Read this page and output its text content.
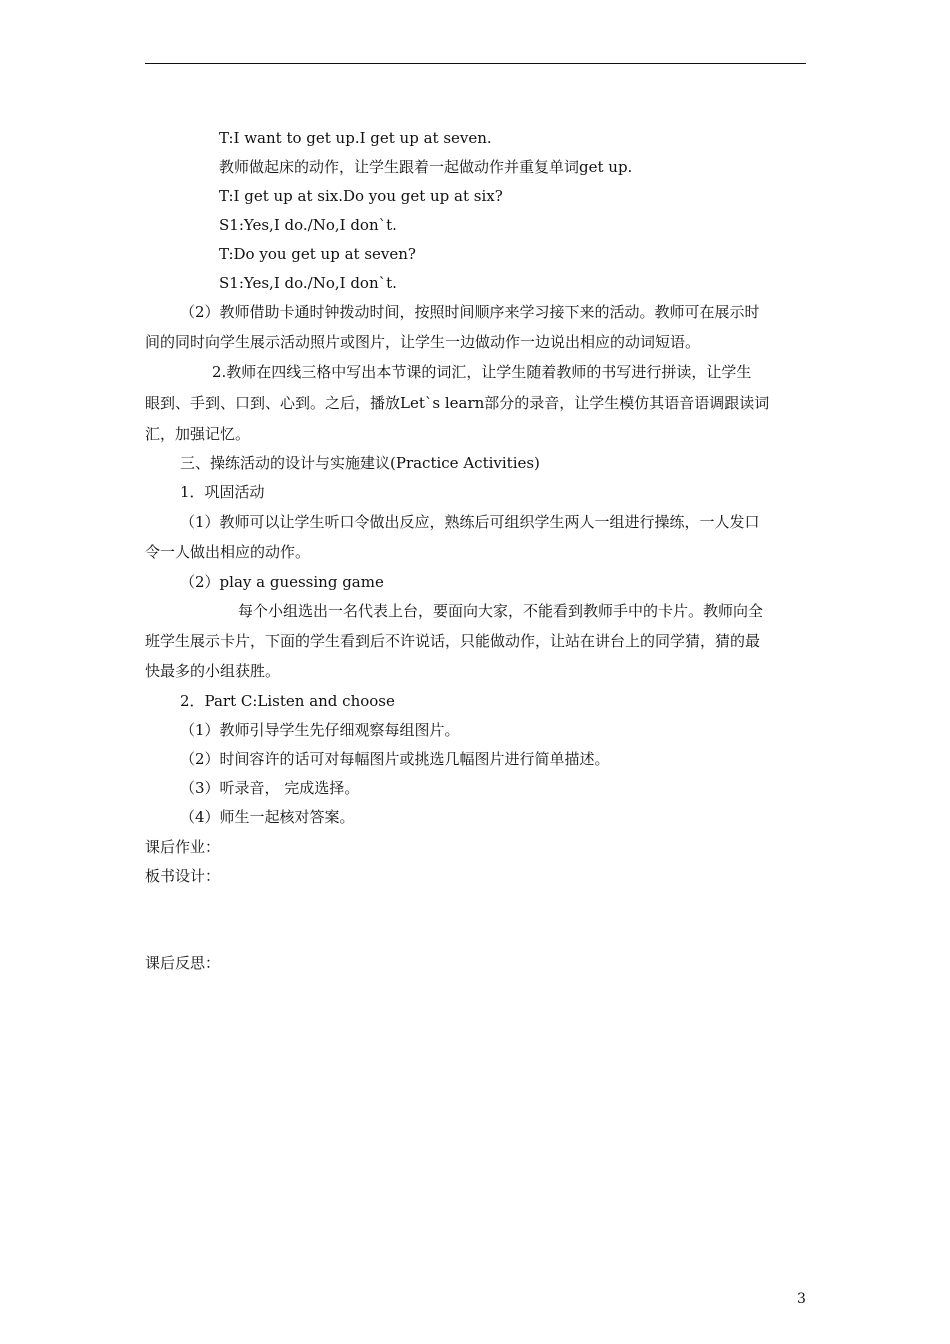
T:I want to get up.I get up at seven.
教师做起床的动作，让学生跟着一起做动作并重复单词get up.
T:I get up at six.Do you get up at six?
S1:Yes,I do./No,I don`t.
T:Do you get up at seven?
S1:Yes,I do./No,I don`t.
（2）教师借助卡通时钟拨动时间，按照时间顺序来学习接下来的活动。教师可在展示时
间的同时向学生展示活动照片或图片，让学生一边做动作一边说出相应的动词短语。
2.教师在四线三格中写出本节课的词汇，让学生随着教师的书写进行拼读，让学生
眼到、手到、口到、心到。之后，播放Let`s learn部分的录音，让学生模仿其语音语调跟读词
汇，加强记忆。
三、操练活动的设计与实施建议(Practice Activities)
1．巩固活动
（1）教师可以让学生听口令做出反应，熟练后可组织学生两人一组进行操练，一人发口
令一人做出相应的动作。
（2）play a guessing game
每个小组选出一名代表上台，要面向大家，不能看到教师手中的卡片。教师向全
班学生展示卡片，下面的学生看到后不许说话，只能做动作，让站在讲台上的同学猜，猜的最
快最多的小组获胜。
2．Part C:Listen and choose
（1）教师引导学生先仔细观察每组图片。
（2）时间容许的话可对每幅图片或挑选几幅图片进行简单描述。
（3）听录音， 完成选择。
（4）师生一起核对答案。
课后作业：
板书设计：
课后反思：
3
